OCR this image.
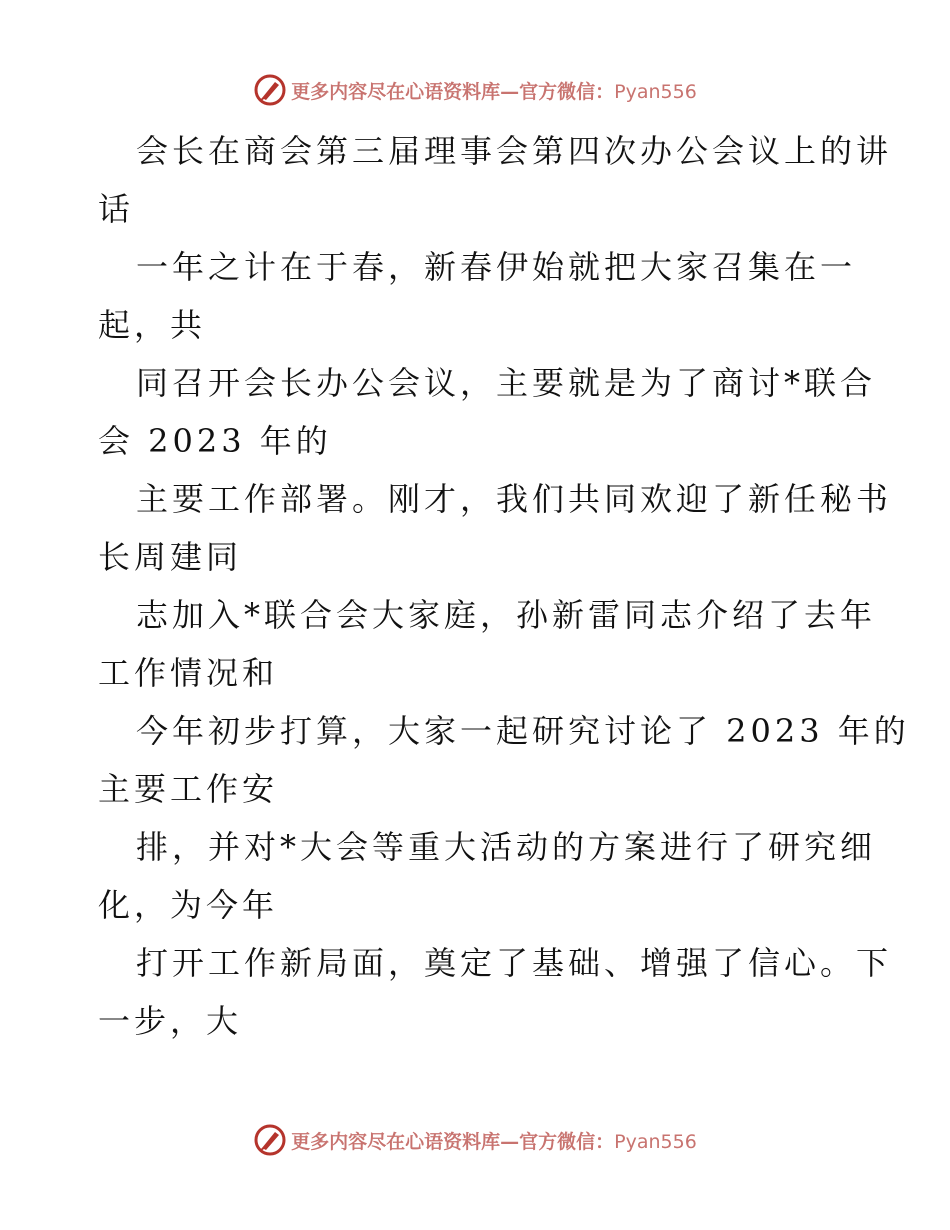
更多内容尽在心语资料库—官方微信：Pyan556
会长在商会第三届理事会第四次办公会议上的讲
话
一年之计在于春，新春伊始就把大家召集在一
起，共
同召开会长办公会议，主要就是为了商讨*联合
会 2023 年的
主要工作部署。刚才，我们共同欢迎了新任秘书
长周建同
志加入*联合会大家庭，孙新雷同志介绍了去年
工作情况和
今年初步打算，大家一起研究讨论了 2023 年的
主要工作安
排，并对*大会等重大活动的方案进行了研究细
化，为今年
打开工作新局面，奠定了基础、增强了信心。下
一步，大
更多内容尽在心语资料库—官方微信：Pyan556
